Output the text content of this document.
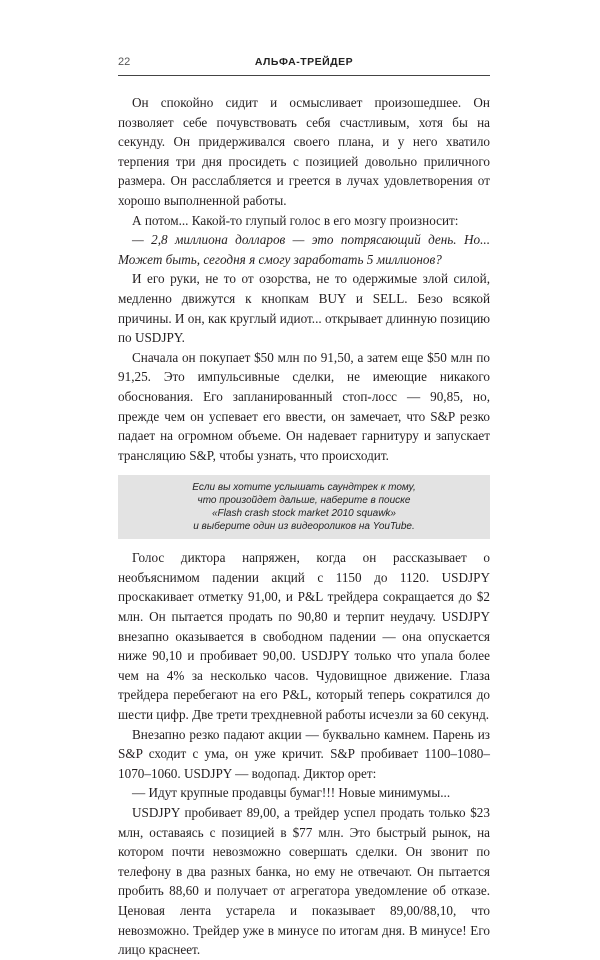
22	АЛЬФА-ТРЕЙДЕР

Он спокойно сидит и осмысливает произошедшее. Он позволяет себе почувствовать себя счастливым, хотя бы на секунду. Он придерживался своего плана, и у него хватило терпения три дня просидеть с позицией довольно приличного размера. Он расслабляется и греется в лучах удовлетворения от хорошо выполненной работы.

А потом... Какой-то глупый голос в его мозгу произносит:

— 2,8 миллиона долларов — это потрясающий день. Но... Может быть, сегодня я смогу заработать 5 миллионов?

И его руки, не то от озорства, не то одержимые злой силой, медленно движутся к кнопкам BUY и SELL. Безо всякой причины. И он, как круглый идиот... открывает длинную позицию по USDJPY.

Сначала он покупает $50 млн по 91,50, а затем еще $50 млн по 91,25. Это импульсивные сделки, не имеющие никакого обоснования. Его запланированный стоп-лосс — 90,85, но, прежде чем он успевает его ввести, он замечает, что S&P резко падает на огромном объеме. Он надевает гарнитуру и запускает трансляцию S&P, чтобы узнать, что происходит.

Если вы хотите услышать саундтрек к тому,
что произойдет дальше, наберите в поиске
«Flash crash stock market 2010 squawk»
и выберите один из видеороликов на YouTube.

Голос диктора напряжен, когда он рассказывает о необъяснимом падении акций с 1150 до 1120. USDJPY проскакивает отметку 91,00, и P&L трейдера сокращается до $2 млн. Он пытается продать по 90,80 и терпит неудачу. USDJPY внезапно оказывается в свободном падении — она опускается ниже 90,10 и пробивает 90,00. USDJPY только что упала более чем на 4% за несколько часов. Чудовищное движение. Глаза трейдера перебегают на его P&L, который теперь сократился до шести цифр. Две трети трехдневной работы исчезли за 60 секунд.

Внезапно резко падают акции — буквально камнем. Парень из S&P сходит с ума, он уже кричит. S&P пробивает 1100–1080–1070–1060. USDJPY — водопад. Диктор орет:

— Идут крупные продавцы бумаг!!! Новые минимумы...

USDJPY пробивает 89,00, а трейдер успел продать только $23 млн, оставаясь с позицией в $77 млн. Это быстрый рынок, на котором почти невозможно совершать сделки. Он звонит по телефону в два разных банка, но ему не отвечают. Он пытается пробить 88,60 и получает от агрегатора уведомление об отказе. Ценовая лента устарела и показывает 89,00/88,10, что невозможно. Трейдер уже в минусе по итогам дня. В минусе! Его лицо краснеет.
